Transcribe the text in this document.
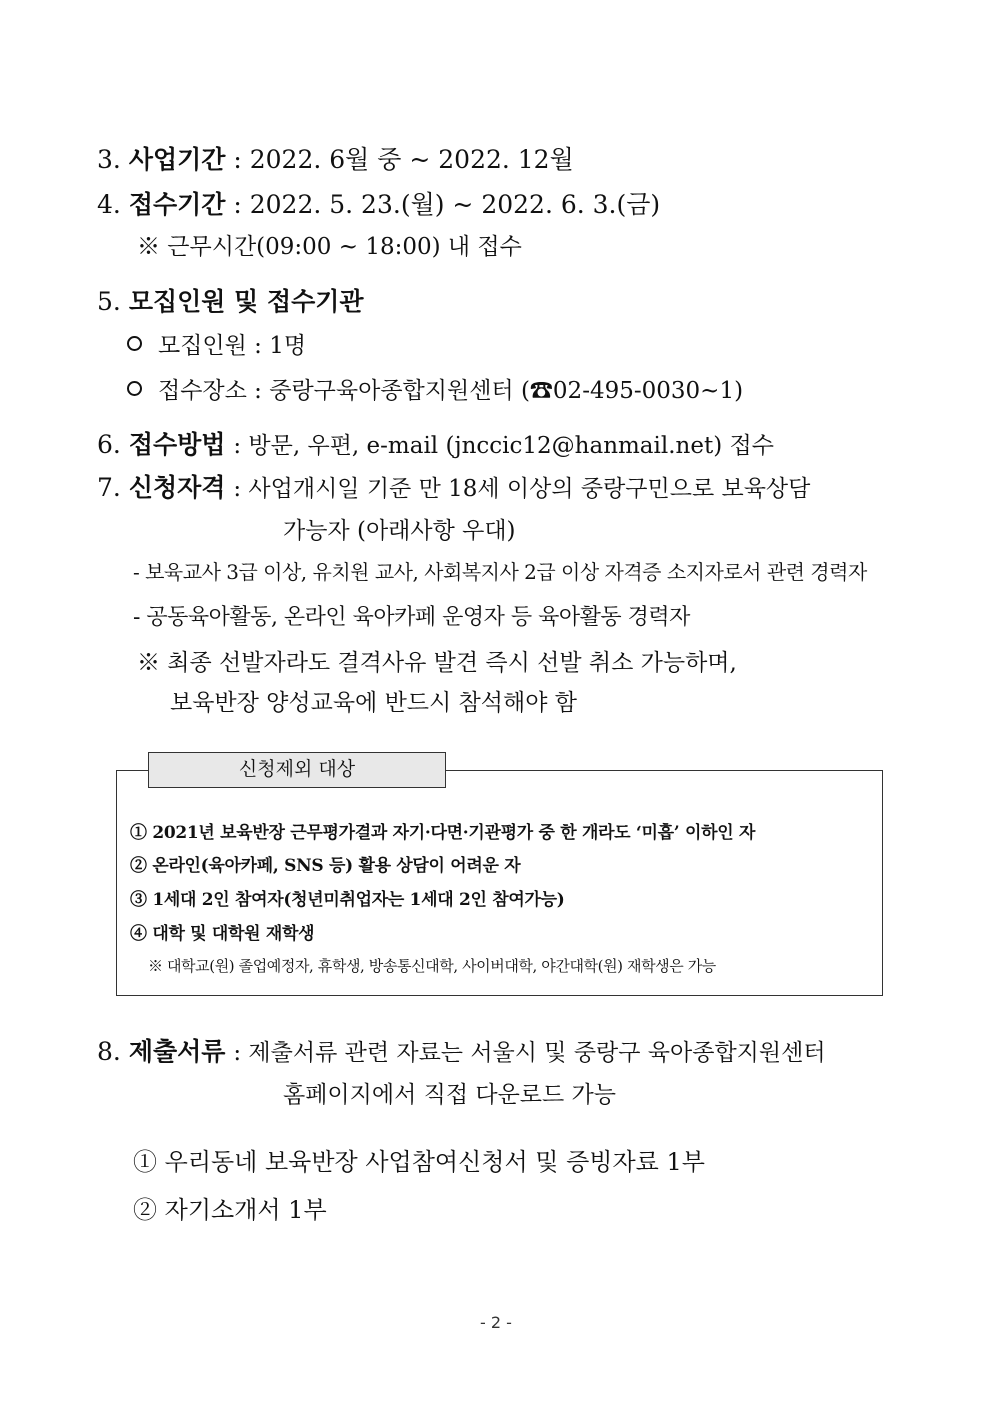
3. 사업기간 : 2022. 6월 중 ~ 2022. 12월
4. 접수기간 : 2022. 5. 23.(월) ~ 2022. 6. 3.(금)
※ 근무시간(09:00 ~ 18:00) 내 접수
5. 모집인원 및 접수기관
모집인원 : 1명
접수장소 : 중랑구육아종합지원센터 (☎02-495-0030~1)
6. 접수방법 : 방문, 우편, e-mail (jnccic12@hanmail.net) 접수
7. 신청자격 : 사업개시일 기준 만 18세 이상의 중랑구민으로 보육상담
가능자 (아래사항 우대)
- 보육교사 3급 이상, 유치원 교사, 사회복지사 2급 이상 자격증 소지자로서 관련 경력자
- 공동육아활동, 온라인 육아카페 운영자 등 육아활동 경력자
※ 최종 선발자라도 결격사유 발견 즉시 선발 취소 가능하며,
보육반장 양성교육에 반드시 참석해야 함
신청제외 대상
① 2021년 보육반장 근무평가결과 자기·다면·기관평가 중 한 개라도 ‘미흡’ 이하인 자
② 온라인(육아카페, SNS 등) 활용 상담이 어려운 자
③ 1세대 2인 참여자(청년미취업자는 1세대 2인 참여가능)
④ 대학 및 대학원 재학생
※ 대학교(원) 졸업예정자, 휴학생, 방송통신대학, 사이버대학, 야간대학(원) 재학생은 가능
8. 제출서류 : 제출서류 관련 자료는 서울시 및 중랑구 육아종합지원센터
홈페이지에서 직접 다운로드 가능
① 우리동네 보육반장 사업참여신청서 및 증빙자료 1부
② 자기소개서 1부
- 2 -
